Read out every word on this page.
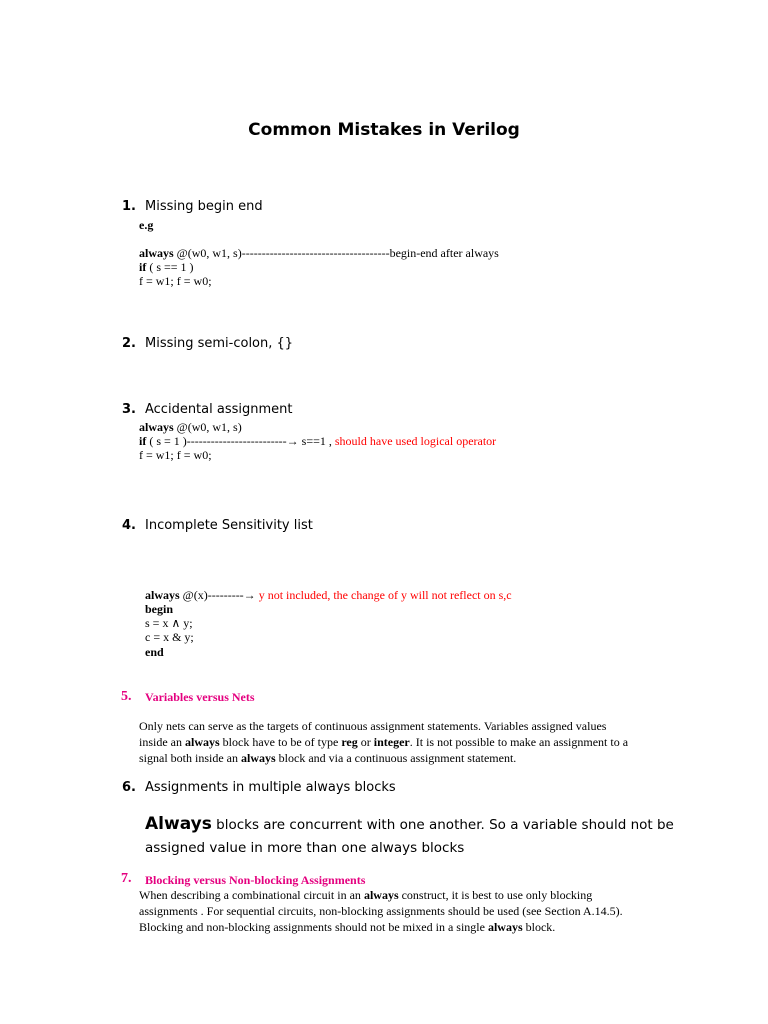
Common Mistakes in Verilog
1. Missing begin end
e.g
always @(w0, w1, s)-------------------------------------begin-end after always
if ( s == 1 )
f = w1; f = w0;
2. Missing semi-colon, {}
3. Accidental assignment
always @(w0, w1, s)
if ( s = 1 )-------------------------→ s==1 , should have used logical operator
f = w1; f = w0;
4. Incomplete Sensitivity list
always @(x)---------→ y not included, the change of y will not reflect on s,c
begin
s = x ∧ y;
c = x & y;
end
5. Variables versus Nets
Only nets can serve as the targets of continuous assignment statements. Variables assigned values
inside an always block have to be of type reg or integer. It is not possible to make an assignment to a
signal both inside an always block and via a continuous assignment statement.
6. Assignments in multiple always blocks
Always blocks are concurrent with one another. So a variable should not be
assigned value in more than one always blocks
7. Blocking versus Non-blocking Assignments
When describing a combinational circuit in an always construct, it is best to use only blocking
assignments . For sequential circuits, non-blocking assignments should be used (see Section A.14.5).
Blocking and non-blocking assignments should not be mixed in a single always block.
